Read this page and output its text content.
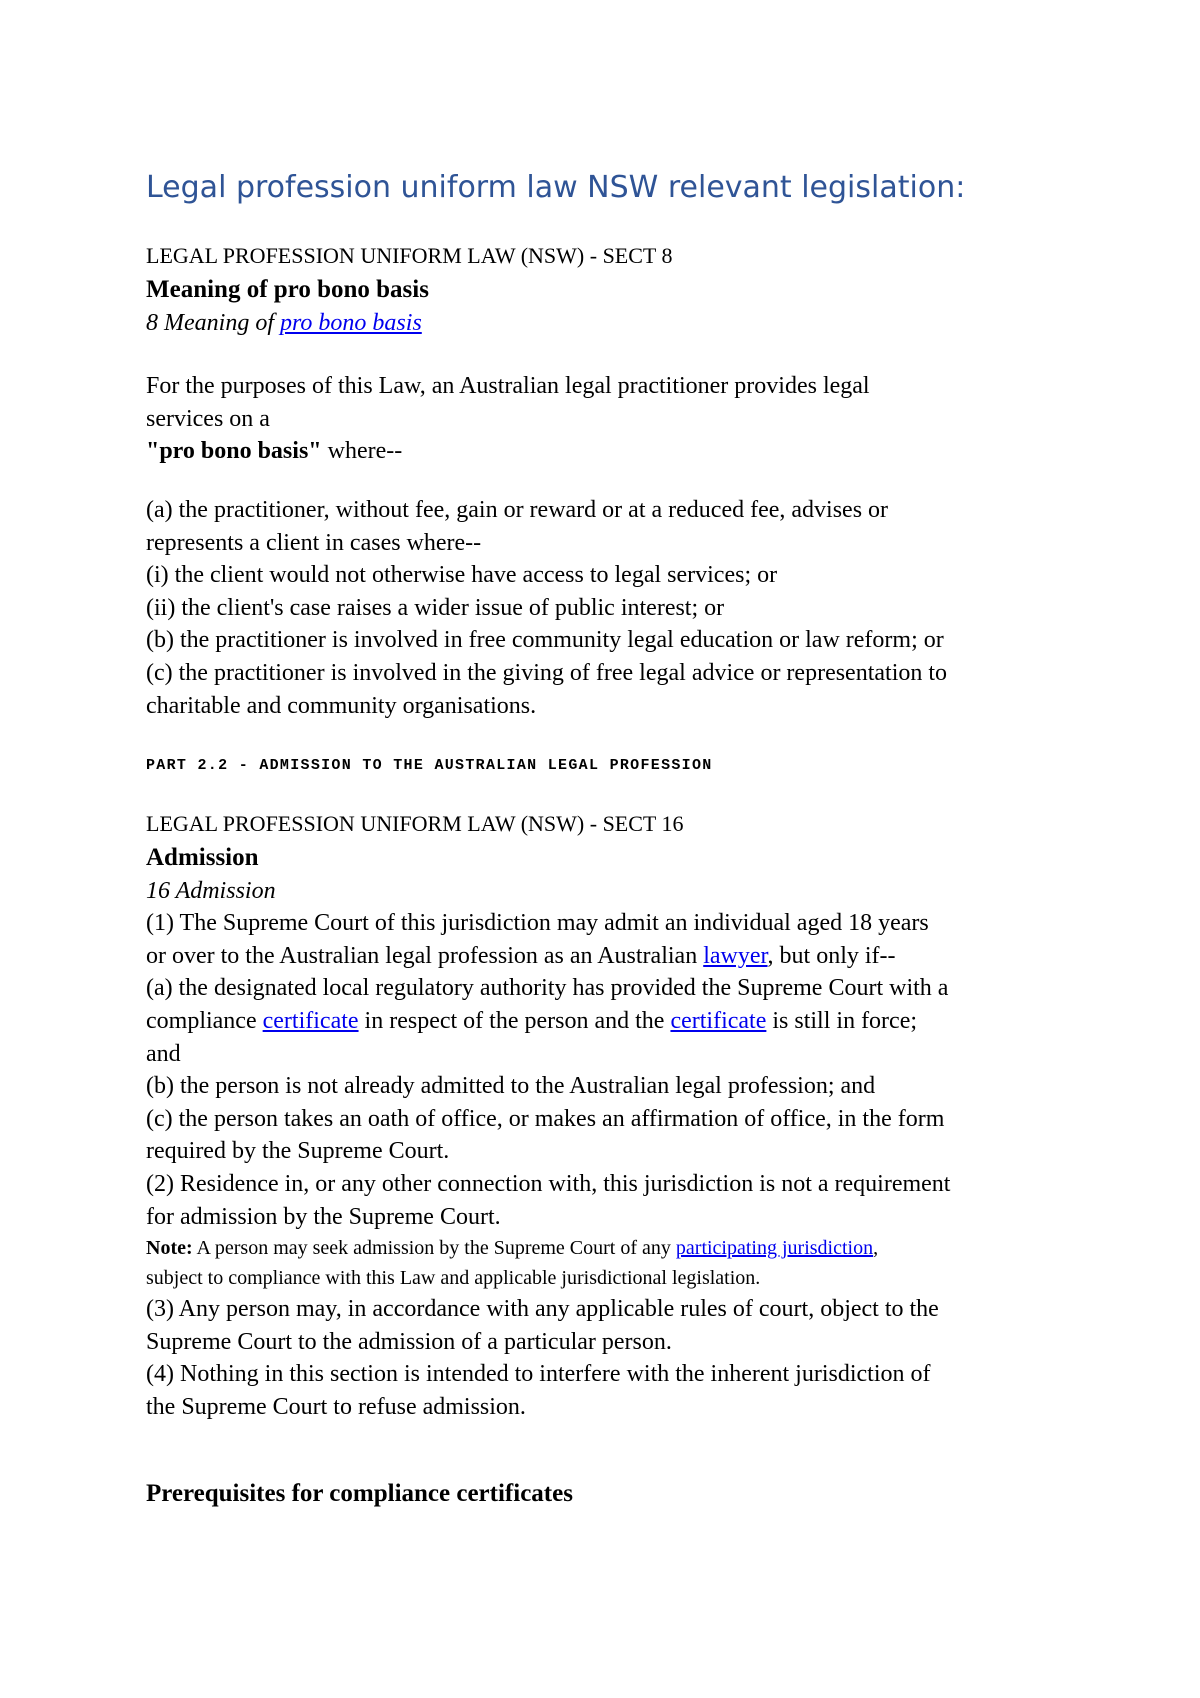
Legal profession uniform law NSW relevant legislation:
LEGAL PROFESSION UNIFORM LAW (NSW) - SECT 8
Meaning of pro bono basis
8 Meaning of pro bono basis
For the purposes of this Law, an Australian legal practitioner provides legal
services on a
"pro bono basis" where--
(a) the practitioner, without fee, gain or reward or at a reduced fee, advises or
represents a client in cases where--
(i) the client would not otherwise have access to legal services; or
(ii) the client's case raises a wider issue of public interest; or
(b) the practitioner is involved in free community legal education or law reform; or
(c) the practitioner is involved in the giving of free legal advice or representation to
charitable and community organisations.
PART 2.2 - ADMISSION TO THE AUSTRALIAN LEGAL PROFESSION
LEGAL PROFESSION UNIFORM LAW (NSW) - SECT 16
Admission
16 Admission
(1) The Supreme Court of this jurisdiction may admit an individual aged 18 years
or over to the Australian legal profession as an Australian lawyer, but only if--
(a) the designated local regulatory authority has provided the Supreme Court with a
compliance certificate in respect of the person and the certificate is still in force;
and
(b) the person is not already admitted to the Australian legal profession; and
(c) the person takes an oath of office, or makes an affirmation of office, in the form
required by the Supreme Court.
(2) Residence in, or any other connection with, this jurisdiction is not a requirement
for admission by the Supreme Court.
Note: A person may seek admission by the Supreme Court of any participating jurisdiction,
subject to compliance with this Law and applicable jurisdictional legislation.
(3) Any person may, in accordance with any applicable rules of court, object to the
Supreme Court to the admission of a particular person.
(4) Nothing in this section is intended to interfere with the inherent jurisdiction of
the Supreme Court to refuse admission.
Prerequisites for compliance certificates
